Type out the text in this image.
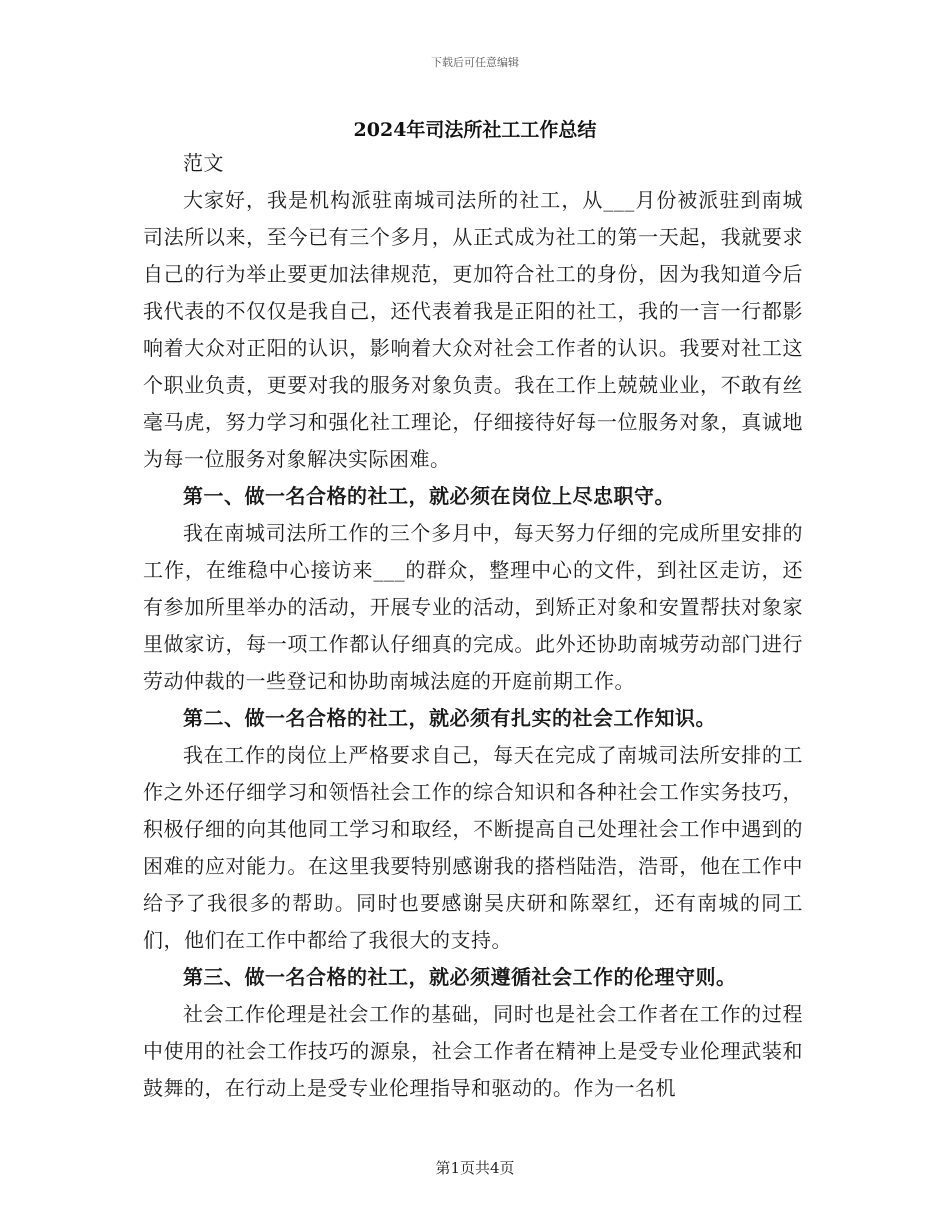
下载后可任意编辑
2024年司法所社工工作总结

范文

大家好，我是机构派驻南城司法所的社工，从___月份被派驻到南城司法所以来，至今已有三个多月，从正式成为社工的第一天起，我就要求自己的行为举止要更加法律规范，更加符合社工的身份，因为我知道今后我代表的不仅仅是我自己，还代表着我是正阳的社工，我的一言一行都影响着大众对正阳的认识，影响着大众对社会工作者的认识。我要对社工这个职业负责，更要对我的服务对象负责。我在工作上兢兢业业，不敢有丝毫马虎，努力学习和强化社工理论，仔细接待好每一位服务对象，真诚地为每一位服务对象解决实际困难。

第一、做一名合格的社工，就必须在岗位上尽忠职守。

我在南城司法所工作的三个多月中，每天努力仔细的完成所里安排的工作，在维稳中心接访来___的群众，整理中心的文件，到社区走访，还有参加所里举办的活动，开展专业的活动，到矫正对象和安置帮扶对象家里做家访，每一项工作都认仔细真的完成。此外还协助南城劳动部门进行劳动仲裁的一些登记和协助南城法庭的开庭前期工作。

第二、做一名合格的社工，就必须有扎实的社会工作知识。

我在工作的岗位上严格要求自己，每天在完成了南城司法所安排的工作之外还仔细学习和领悟社会工作的综合知识和各种社会工作实务技巧，积极仔细的向其他同工学习和取经，不断提高自己处理社会工作中遇到的困难的应对能力。在这里我要特别感谢我的搭档陆浩，浩哥，他在工作中给予了我很多的帮助。同时也要感谢吴庆研和陈翠红，还有南城的同工们，他们在工作中都给了我很大的支持。

第三、做一名合格的社工，就必须遵循社会工作的伦理守则。

社会工作伦理是社会工作的基础，同时也是社会工作者在工作的过程中使用的社会工作技巧的源泉，社会工作者在精神上是受专业伦理武装和鼓舞的，在行动上是受专业伦理指导和驱动的。作为一名机

第1页共4页
